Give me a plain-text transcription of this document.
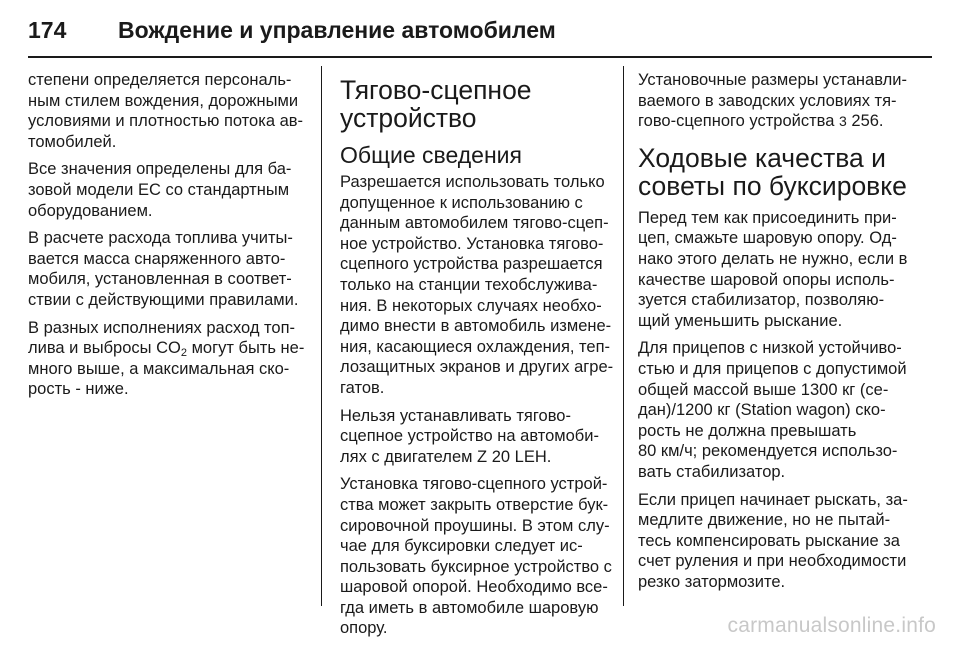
174	Вождение и управление автомобилем

степени определяется персональ-
ным стилем вождения, дорожными
условиями и плотностью потока ав-
томобилей.

Все значения определены для ба-
зовой модели ЕС со стандартным
оборудованием.

В расчете расхода топлива учиты-
вается масса снаряженного авто-
мобиля, установленная в соответ-
ствии с действующими правилами.

В разных исполнениях расход топ-
лива и выбросы $CO_2$ могут быть не-
много выше, а максимальная ско-
рость - ниже.

Тягово-сцепное
устройство
Общие сведения

Разрешается использовать только
допущенное к использованию с
данным автомобилем тягово-сцеп-
ное устройство. Установка тягово-
сцепного устройства разрешается
только на станции техобслужива-
ния. В некоторых случаях необхо-
димо внести в автомобиль измене-
ния, касающиеся охлаждения, теп-
лозащитных экранов и других агре-
гатов.

Нельзя устанавливать тягово-
сцепное устройство на автомоби-
лях с двигателем Z 20 LEH.

Установка тягово-сцепного устрой-
ства может закрыть отверстие бук-
сировочной проушины. В этом слу-
чае для буксировки следует ис-
пользовать буксирное устройство с
шаровой опорой. Необходимо все-
гда иметь в автомобиле шаровую
опору.

Установочные размеры устанавли-
ваемого в заводских условиях тя-
гово-сцепного устройства 3 256.

Ходовые качества и
советы по буксировке

Перед тем как присоединить при-
цеп, смажьте шаровую опору. Од-
нако этого делать не нужно, если в
качестве шаровой опоры исполь-
зуется стабилизатор, позволяю-
щий уменьшить рыскание.

Для прицепов с низкой устойчиво-
стью и для прицепов с допустимой
общей массой выше 1300 кг (се-
дан)/1200 кг (Station wagon) ско-
рость не должна превышать
80 км/ч; рекомендуется использо-
вать стабилизатор.

Если прицеп начинает рыскать, за-
медлите движение, но не пытай-
тесь компенсировать рыскание за
счет руления и при необходимости
резко затормозите.

carmanualsonline.info
